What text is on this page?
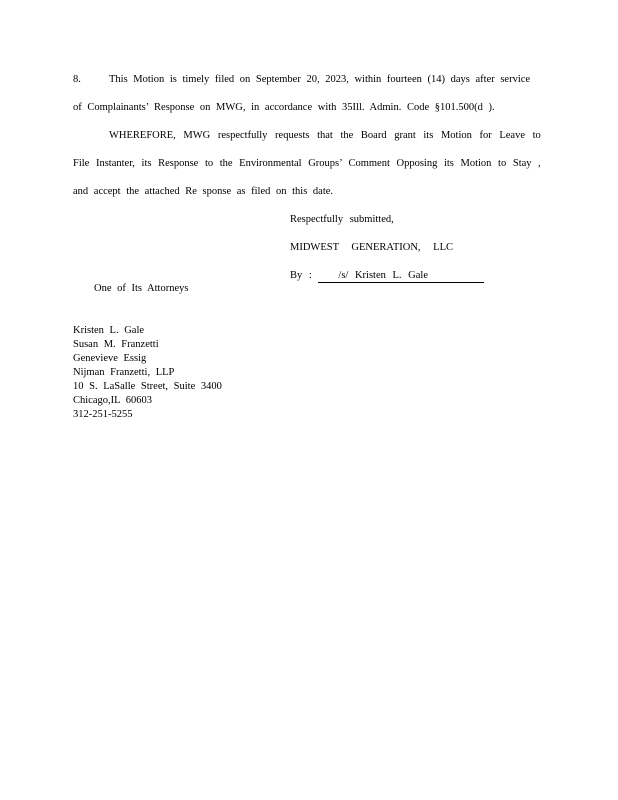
8.	This Motion is timely filed on September 20, 2023, within fourteen (14) days after service
of Complainants’ Response on MWG, in accordance with 35Ill. Admin. Code §101.500(d ).
WHEREFORE, MWG respectfully requests that the Board grant its Motion for Leave to
File Instanter, its Response to the Environmental Groups’ Comment Opposing its Motion to Stay ,
and accept the attached Re sponse as filed on this date.
Respectfully submitted,
MIDWEST GENERATION, LLC
By :	/s/ Kristen L. Gale
One of Its Attorneys
Kristen L. Gale
Susan M. Franzetti
Genevieve Essig
Nijman Franzetti, LLP
10 S. LaSalle Street, Suite 3400
Chicago,IL 60603
312-251-5255
